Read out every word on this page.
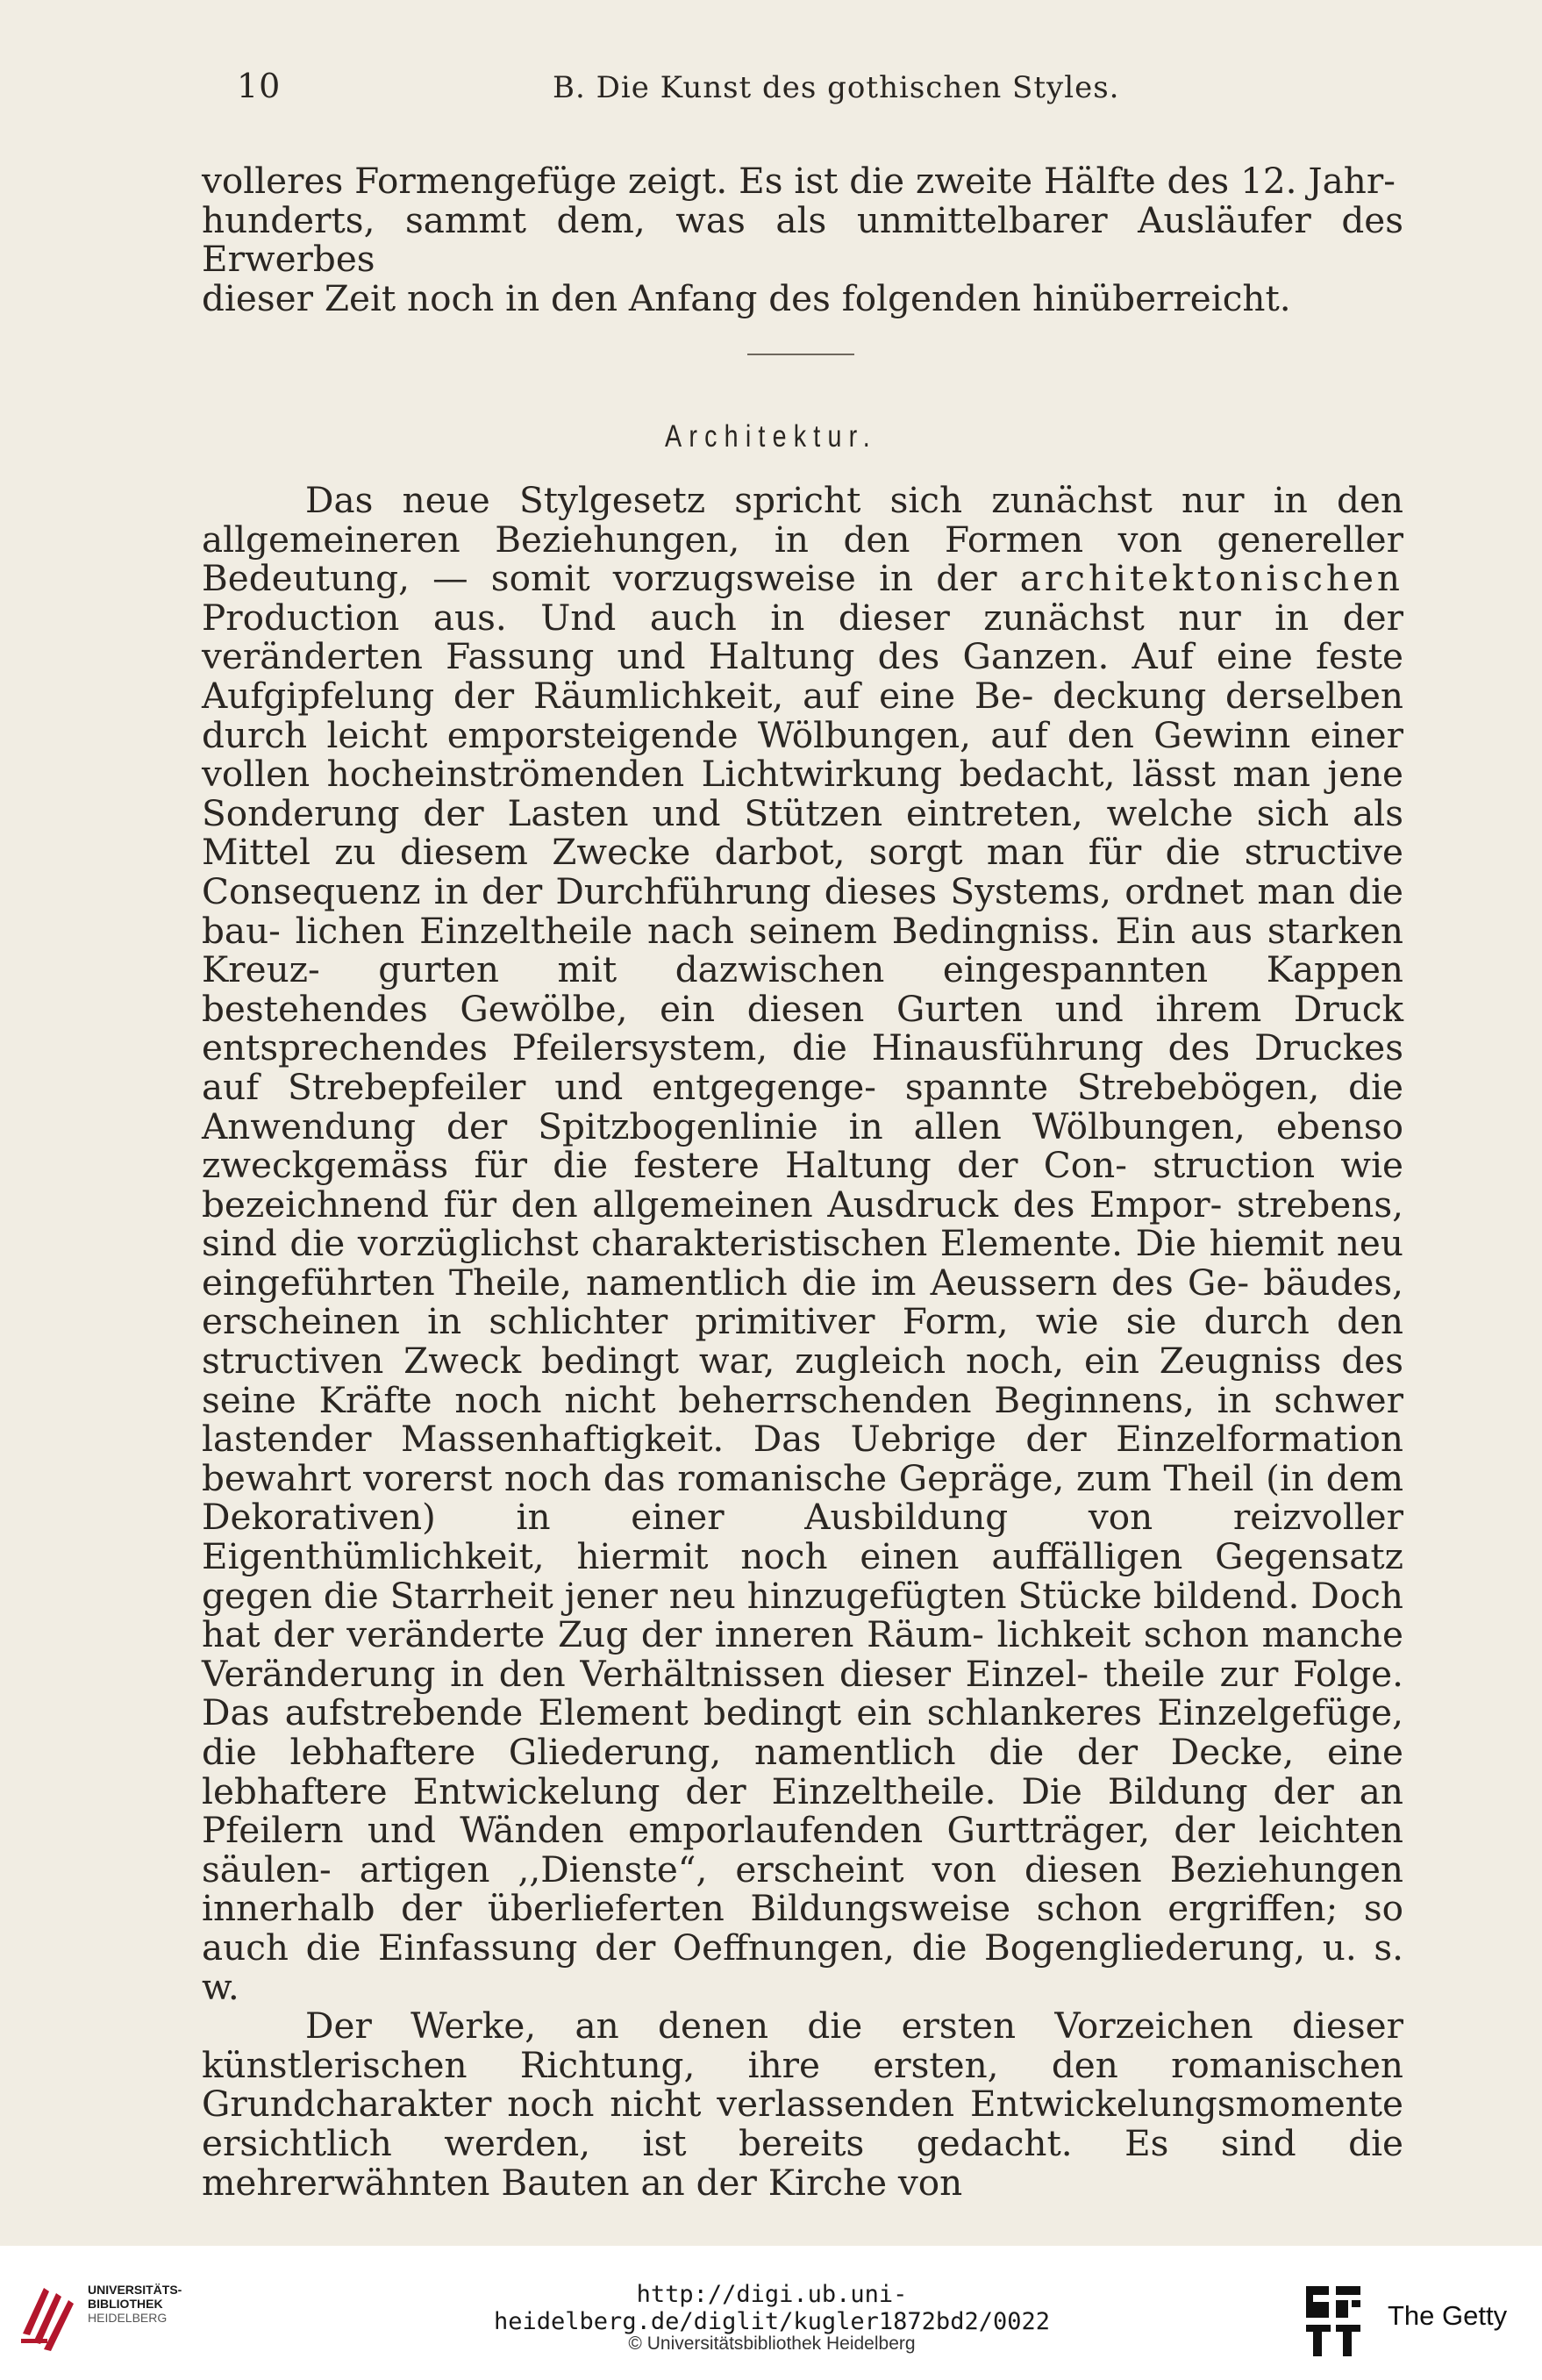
10	B. Die Kunst des gothischen Styles.
volleres Formengefüge zeigt. Es ist die zweite Hälfte des 12. Jahr-
hunderts, sammt dem, was als unmittelbarer Ausläufer des Erwerbes
dieser Zeit noch in den Anfang des folgenden hinüberreicht.
Architektur.

Das neue Stylgesetz spricht sich zunächst nur in den allgemeineren Beziehungen, in den Formen von genereller Bedeutung, — somit vorzugsweise in der architektonischen Production aus. Und auch in dieser zunächst nur in der veränderten Fassung und Haltung des Ganzen. Auf eine feste Aufgipfelung der Räumlichkeit, auf eine Be- deckung derselben durch leicht emporsteigende Wölbungen, auf den Gewinn einer vollen hocheinströmenden Lichtwirkung bedacht, lässt man jene Sonderung der Lasten und Stützen eintreten, welche sich als Mittel zu diesem Zwecke darbot, sorgt man für die structive Consequenz in der Durchführung dieses Systems, ordnet man die bau- lichen Einzeltheile nach seinem Bedingniss. Ein aus starken Kreuz- gurten mit dazwischen eingespannten Kappen bestehendes Gewölbe, ein diesen Gurten und ihrem Druck entsprechendes Pfeilersystem, die Hinausführung des Druckes auf Strebepfeiler und entgegenge- spannte Strebebögen, die Anwendung der Spitzbogenlinie in allen Wölbungen, ebenso zweckgemäss für die festere Haltung der Con- struction wie bezeichnend für den allgemeinen Ausdruck des Empor- strebens, sind die vorzüglichst charakteristischen Elemente. Die hiemit neu eingeführten Theile, namentlich die im Aeussern des Ge- bäudes, erscheinen in schlichter primitiver Form, wie sie durch den structiven Zweck bedingt war, zugleich noch, ein Zeugniss des seine Kräfte noch nicht beherrschenden Beginnens, in schwer lastender Massenhaftigkeit. Das Uebrige der Einzelformation bewahrt vorerst noch das romanische Gepräge, zum Theil (in dem Dekorativen) in einer Ausbildung von reizvoller Eigenthümlichkeit, hiermit noch einen auffälligen Gegensatz gegen die Starrheit jener neu hinzugefügten Stücke bildend. Doch hat der veränderte Zug der inneren Räum- lichkeit schon manche Veränderung in den Verhältnissen dieser Einzel- theile zur Folge. Das aufstrebende Element bedingt ein schlankeres Einzelgefüge, die lebhaftere Gliederung, namentlich die der Decke, eine lebhaftere Entwickelung der Einzeltheile. Die Bildung der an Pfeilern und Wänden emporlaufenden Gurtträger, der leichten säulen- artigen ,,Dienste“, erscheint von diesen Beziehungen innerhalb der überlieferten Bildungsweise schon ergriffen; so auch die Einfassung der Oeffnungen, die Bogengliederung, u. s. w.

Der Werke, an denen die ersten Vorzeichen dieser künstlerischen Richtung, ihre ersten, den romanischen Grundcharakter noch nicht verlassenden Entwickelungsmomente ersichtlich werden, ist bereits gedacht. Es sind die mehrerwähnten Bauten an der Kirche von

UNIVERSITÄTS-
BIBLIOTHEK
HEIDELBERG
http://digi.ub.uni-heidelberg.de/diglit/kugler1872bd2/0022
© Universitätsbibliothek Heidelberg
The Getty
